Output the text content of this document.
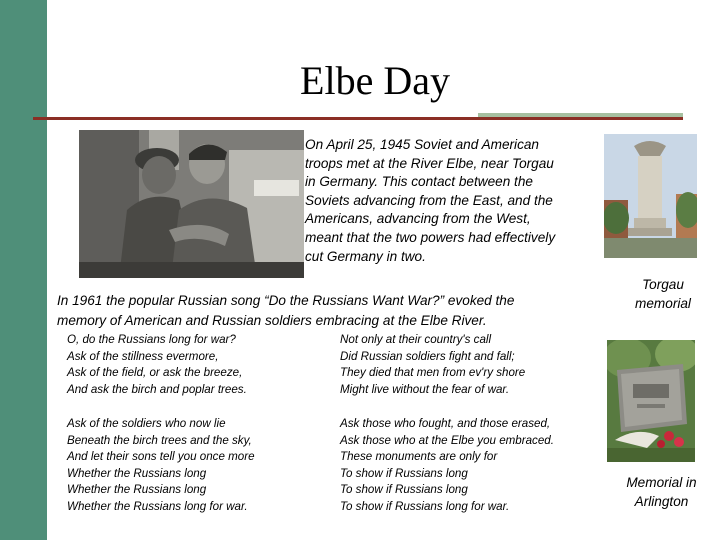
Elbe Day
On April 25, 1945 Soviet and American
troops met at the River Elbe, near Torgau
in Germany. This contact between the
Soviets advancing from the East, and the
Americans, advancing from the West,
meant that the two powers had effectively
cut Germany in two.
Torgau
memorial
In 1961 the popular Russian song “Do the Russians Want War?” evoked the
memory of American and Russian soldiers embracing at the Elbe River.
O, do the Russians long for war?
Ask of the stillness evermore,
Ask of the field, or ask the breeze,
And ask the birch and poplar trees.
Not only at their country's call
Did Russian soldiers fight and fall;
They died that men from ev'ry shore
Might live without the fear of war.
Ask of the soldiers who now lie
Beneath the birch trees and the sky,
And let their sons tell you once more
Whether the Russians long
Whether the Russians long
Whether the Russians long for war.
Ask those who fought, and those erased,
Ask those who at the Elbe you embraced.
These monuments are only for
To show if Russians long
To show if Russians long
To show if Russians long for war.
Memorial in
Arlington
